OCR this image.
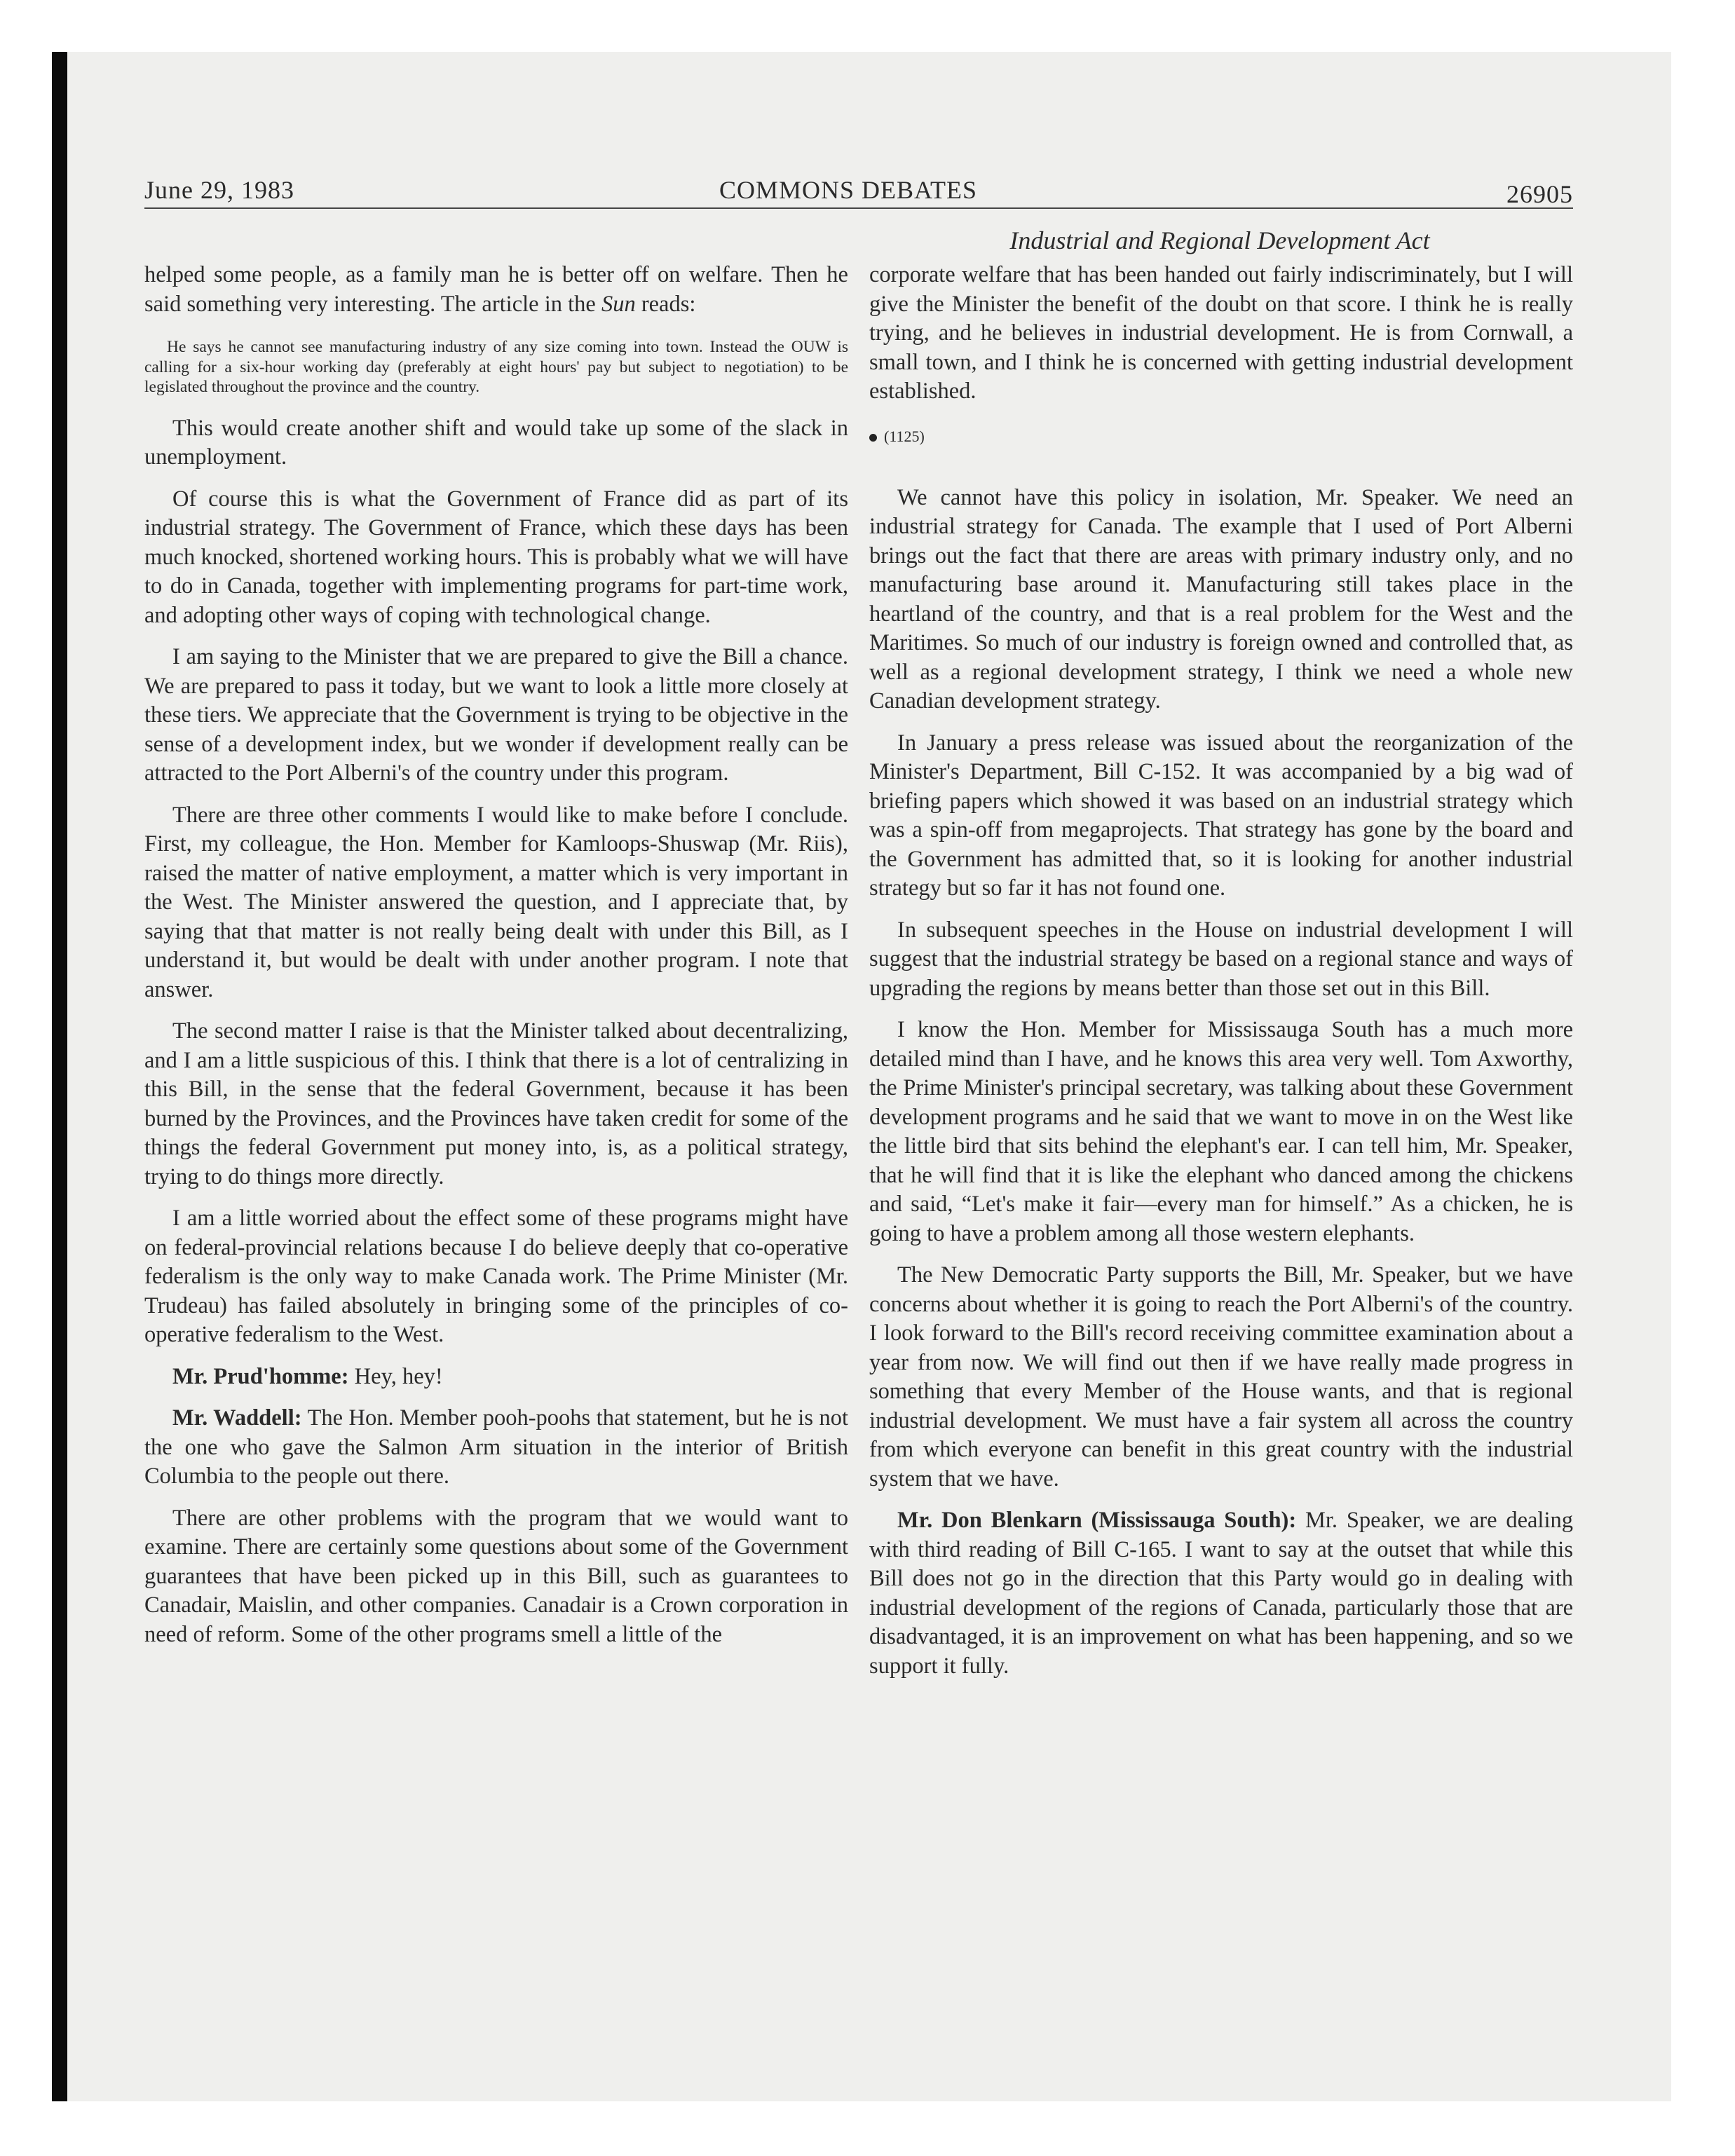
June 29, 1983	COMMONS DEBATES	26905
Industrial and Regional Development Act

helped some people, as a family man he is better off on welfare. Then he said something very interesting. The article in the Sun reads:

He says he cannot see manufacturing industry of any size coming into town. Instead the OUW is calling for a six-hour working day (preferably at eight hours' pay but subject to negotiation) to be legislated throughout the province and the country.

This would create another shift and would take up some of the slack in unemployment.

Of course this is what the Government of France did as part of its industrial strategy. The Government of France, which these days has been much knocked, shortened working hours. This is probably what we will have to do in Canada, together with implementing programs for part-time work, and adopting other ways of coping with technological change.

I am saying to the Minister that we are prepared to give the Bill a chance. We are prepared to pass it today, but we want to look a little more closely at these tiers. We appreciate that the Government is trying to be objective in the sense of a development index, but we wonder if development really can be attracted to the Port Alberni's of the country under this program.

There are three other comments I would like to make before I conclude. First, my colleague, the Hon. Member for Kamloops-Shuswap (Mr. Riis), raised the matter of native employment, a matter which is very important in the West. The Minister answered the question, and I appreciate that, by saying that that matter is not really being dealt with under this Bill, as I understand it, but would be dealt with under another program. I note that answer.

The second matter I raise is that the Minister talked about decentralizing, and I am a little suspicious of this. I think that there is a lot of centralizing in this Bill, in the sense that the federal Government, because it has been burned by the Provinces, and the Provinces have taken credit for some of the things the federal Government put money into, is, as a political strategy, trying to do things more directly.

I am a little worried about the effect some of these programs might have on federal-provincial relations because I do believe deeply that co-operative federalism is the only way to make Canada work. The Prime Minister (Mr. Trudeau) has failed absolutely in bringing some of the principles of co-operative federalism to the West.

Mr. Prud'homme: Hey, hey!

Mr. Waddell: The Hon. Member pooh-poohs that statement, but he is not the one who gave the Salmon Arm situation in the interior of British Columbia to the people out there.

There are other problems with the program that we would want to examine. There are certainly some questions about some of the Government guarantees that have been picked up in this Bill, such as guarantees to Canadair, Maislin, and other companies. Canadair is a Crown corporation in need of reform. Some of the other programs smell a little of the

corporate welfare that has been handed out fairly indiscriminately, but I will give the Minister the benefit of the doubt on that score. I think he is really trying, and he believes in industrial development. He is from Cornwall, a small town, and I think he is concerned with getting industrial development established.

(1125)

We cannot have this policy in isolation, Mr. Speaker. We need an industrial strategy for Canada. The example that I used of Port Alberni brings out the fact that there are areas with primary industry only, and no manufacturing base around it. Manufacturing still takes place in the heartland of the country, and that is a real problem for the West and the Maritimes. So much of our industry is foreign owned and controlled that, as well as a regional development strategy, I think we need a whole new Canadian development strategy.

In January a press release was issued about the reorganization of the Minister's Department, Bill C-152. It was accompanied by a big wad of briefing papers which showed it was based on an industrial strategy which was a spin-off from megaprojects. That strategy has gone by the board and the Government has admitted that, so it is looking for another industrial strategy but so far it has not found one.

In subsequent speeches in the House on industrial development I will suggest that the industrial strategy be based on a regional stance and ways of upgrading the regions by means better than those set out in this Bill.

I know the Hon. Member for Mississauga South has a much more detailed mind than I have, and he knows this area very well. Tom Axworthy, the Prime Minister's principal secretary, was talking about these Government development programs and he said that we want to move in on the West like the little bird that sits behind the elephant's ear. I can tell him, Mr. Speaker, that he will find that it is like the elephant who danced among the chickens and said, “Let's make it fair—every man for himself.” As a chicken, he is going to have a problem among all those western elephants.

The New Democratic Party supports the Bill, Mr. Speaker, but we have concerns about whether it is going to reach the Port Alberni's of the country. I look forward to the Bill's record receiving committee examination about a year from now. We will find out then if we have really made progress in something that every Member of the House wants, and that is regional industrial development. We must have a fair system all across the country from which everyone can benefit in this great country with the industrial system that we have.

Mr. Don Blenkarn (Mississauga South): Mr. Speaker, we are dealing with third reading of Bill C-165. I want to say at the outset that while this Bill does not go in the direction that this Party would go in dealing with industrial development of the regions of Canada, particularly those that are disadvantaged, it is an improvement on what has been happening, and so we support it fully.
